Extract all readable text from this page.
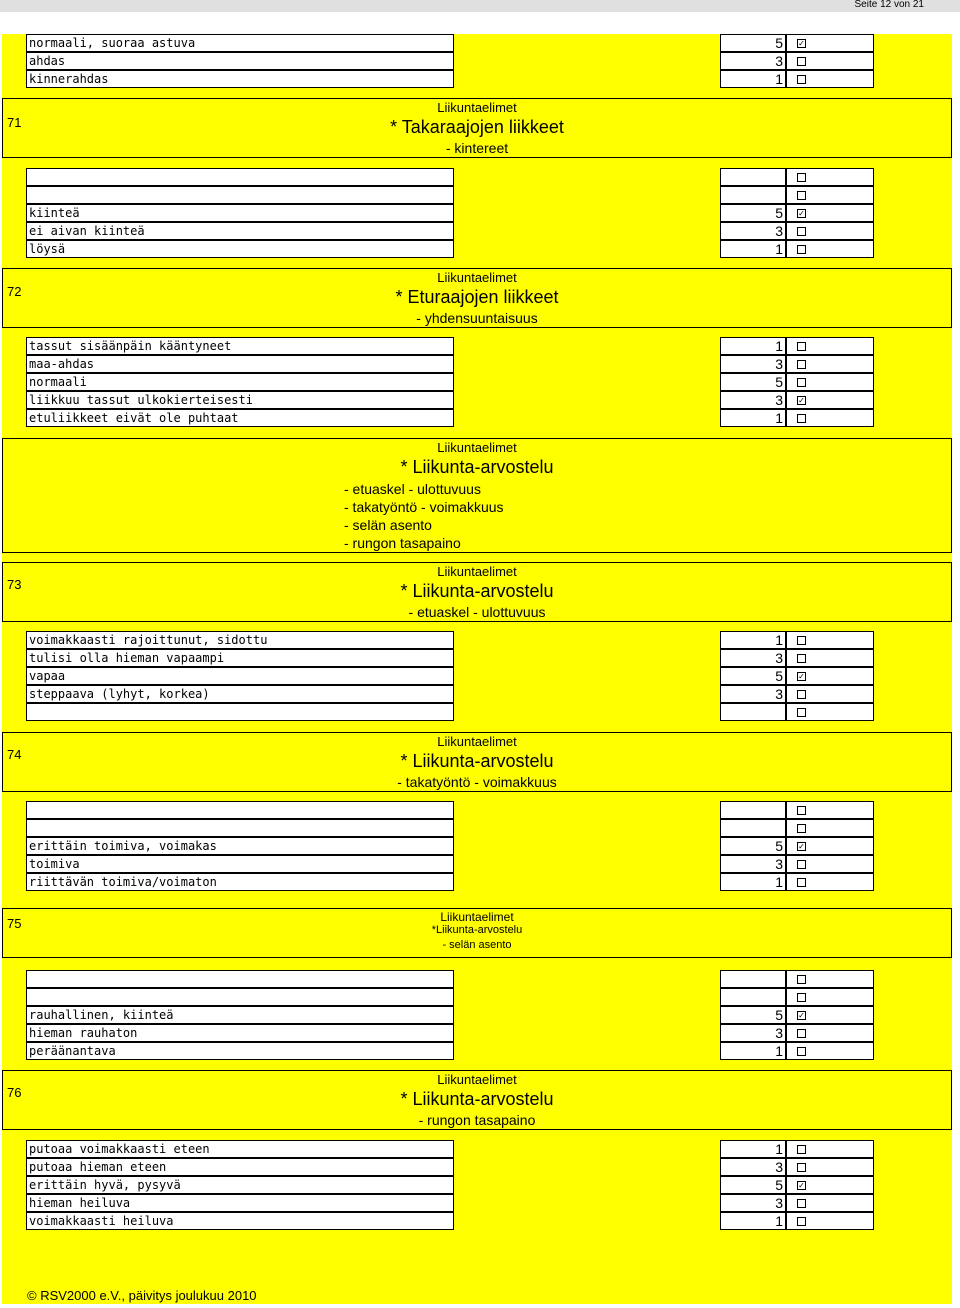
Seite 12 von 21
normaali, suoraa astuva	5 ✓
ahdas	3
kinnerahdas	1
71
Liikuntaelimet
* Takaraajojen liikkeet
- kintereet
kiinteä	5 ✓
ei aivan kiinteä	3
löysä	1
72
Liikuntaelimet
* Eturaajojen liikkeet
- yhdensuuntaisuus
tassut sisäänpäin kääntyneet	1
maa-ahdas	3
normaali	5
liikkuu tassut ulkokierteisesti	3 ✓
etuliikkeet eivät ole puhtaat	1
Liikuntaelimet
* Liikunta-arvostelu
- etuaskel - ulottuvuus
- takatyöntö - voimakkuus
- selän asento
- rungon tasapaino
73
Liikuntaelimet
* Liikunta-arvostelu
- etuaskel - ulottuvuus
voimakkaasti rajoittunut, sidottu	1
tulisi olla hieman vapaampi	3
vapaa	5 ✓
steppaava (lyhyt, korkea)	3
74
Liikuntaelimet
* Liikunta-arvostelu
- takatyöntö - voimakkuus
erittäin toimiva, voimakas	5 ✓
toimiva	3
riittävän toimiva/voimaton	1
75	Liikuntaelimet
*Liikunta-arvostelu
- selän asento
rauhallinen, kiinteä	5 ✓
hieman rauhaton	3
peräänantava	1
76
Liikuntaelimet
* Liikunta-arvostelu
- rungon tasapaino
putoaa voimakkaasti eteen	1
putoaa hieman eteen	3
erittäin hyvä, pysyvä	5 ✓
hieman heiluva	3
voimakkaasti heiluva	1
© RSV2000 e.V., päivitys joulukuu 2010
